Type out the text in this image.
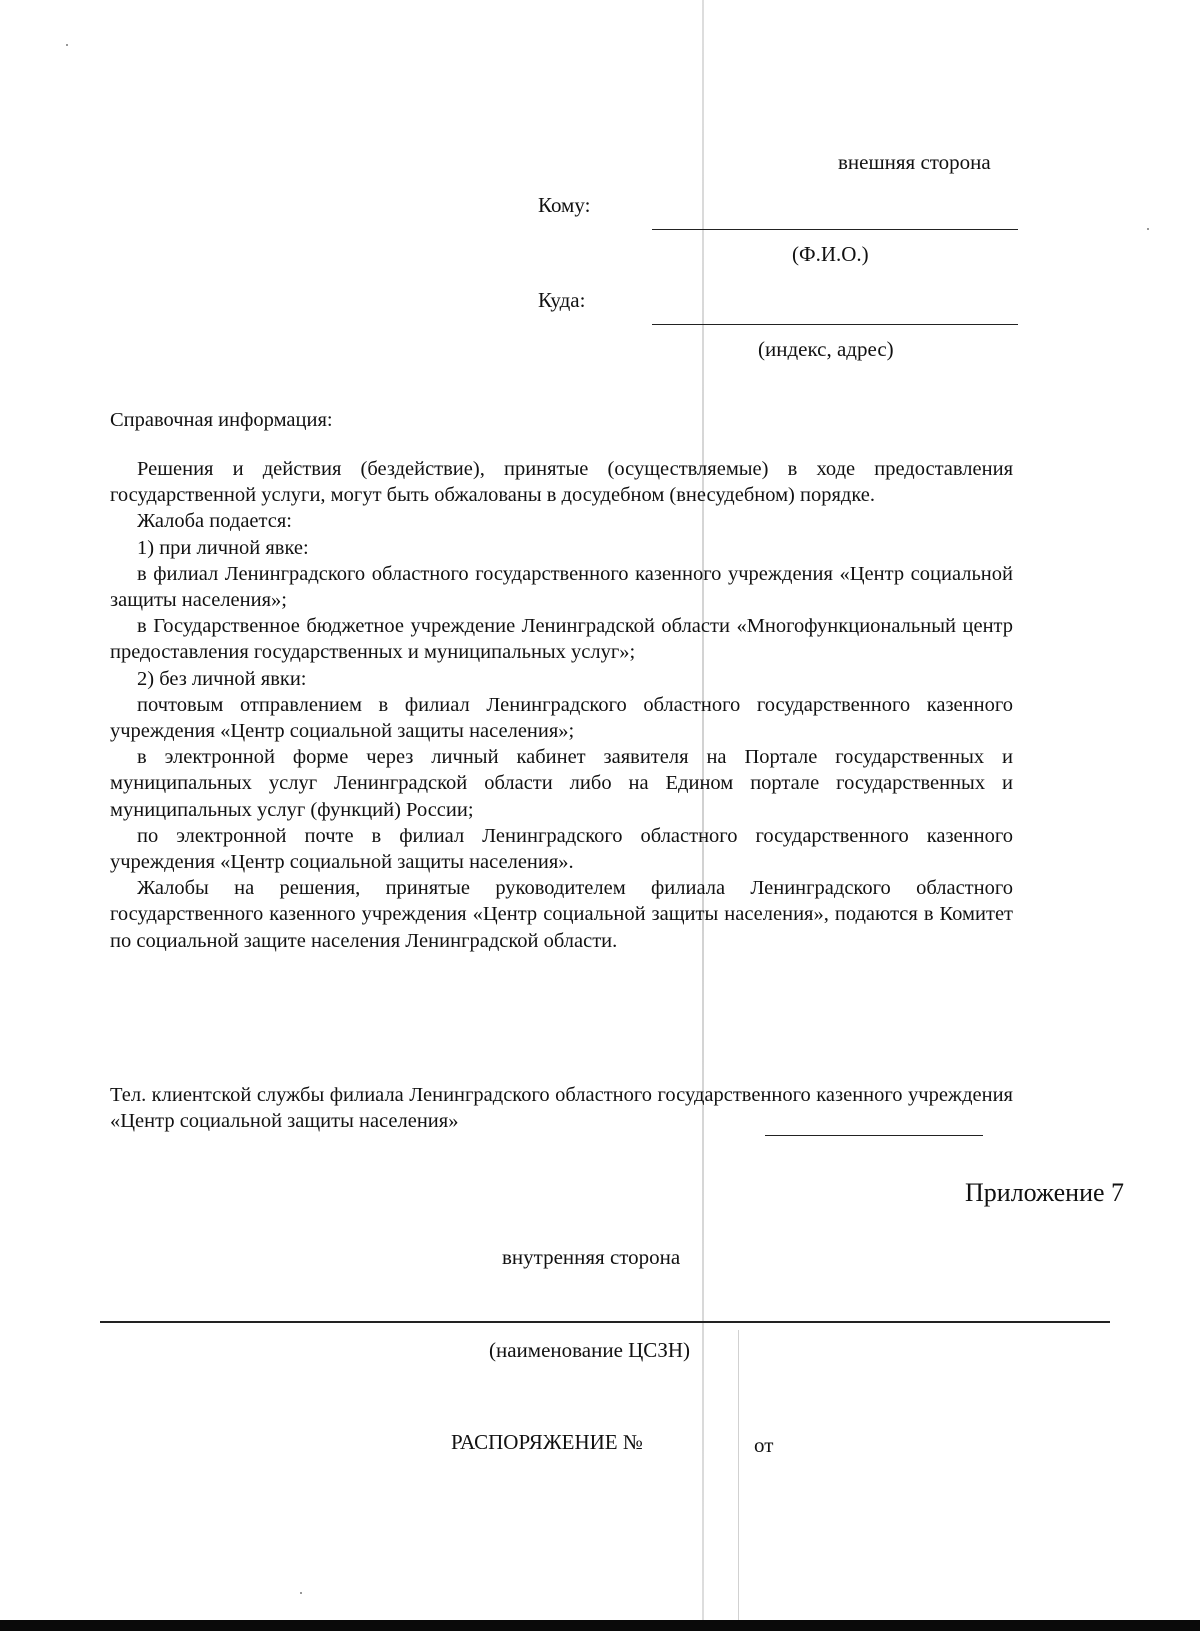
внешняя сторона
Кому:
(Ф.И.О.)
Куда:
(индекс, адрес)
Справочная информация:

Решения и действия (бездействие), принятые (осуществляемые) в ходе предоставления государственной услуги, могут быть обжалованы в досудебном (внесудебном) порядке.

Жалоба подается:

1) при личной явке:

в филиал Ленинградского областного государственного казенного учреждения «Центр социальной защиты населения»;

в Государственное бюджетное учреждение Ленинградской области «Многофункциональный центр предоставления государственных и муниципальных услуг»;

2) без личной явки:

почтовым отправлением в филиал Ленинградского областного государственного казенного учреждения «Центр социальной защиты населения»;

в электронной форме через личный кабинет заявителя на Портале государственных и муниципальных услуг Ленинградской области либо на Едином портале государственных и муниципальных услуг (функций) России;

по электронной почте в филиал Ленинградского областного государственного казенного учреждения «Центр социальной защиты населения».

Жалобы на решения, принятые руководителем филиала Ленинградского областного государственного казенного учреждения «Центр социальной защиты населения», подаются в Комитет по социальной защите населения Ленинградской области.

Тел. клиентской службы филиала Ленинградского областного государственного казенного учреждения «Центр социальной защиты населения»

Приложение 7
внутренняя сторона
(наименование ЦСЗН)
РАСПОРЯЖЕНИЕ №	от
